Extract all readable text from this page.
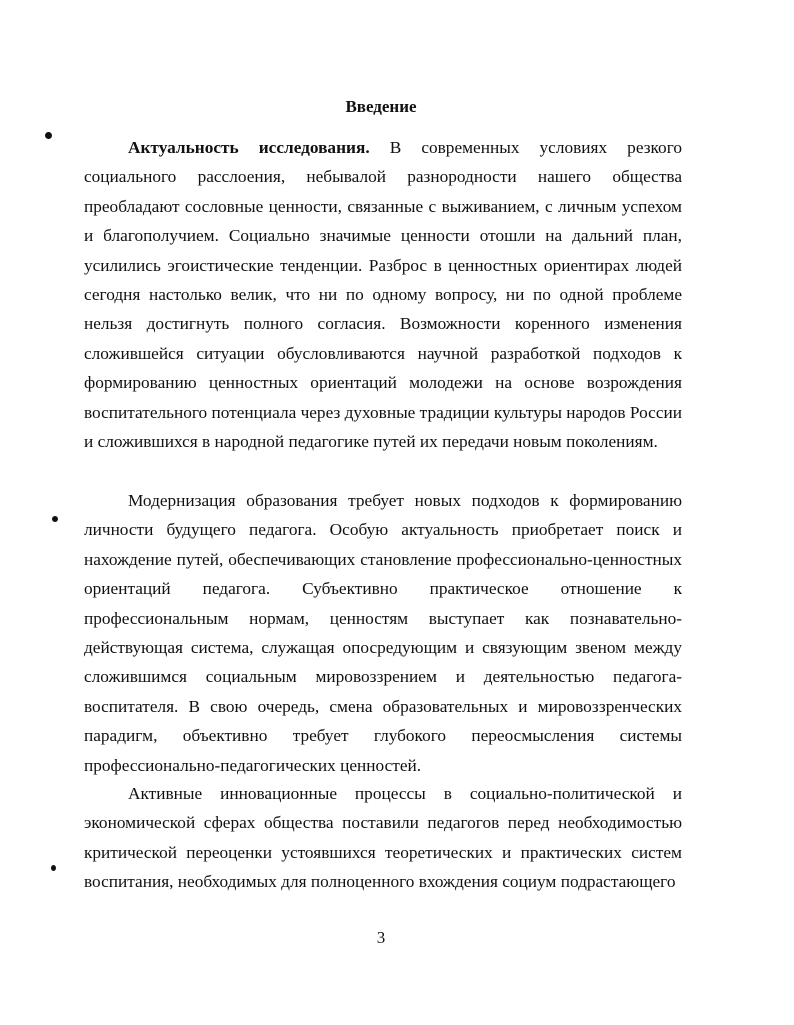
Введение

Актуальность исследования. В современных условиях резкого социального расслоения, небывалой разнородности нашего общества преобладают сословные ценности, связанные с выживанием, с личным успехом и благополучием. Социально значимые ценности отошли на дальний план, усилились эгоистические тенденции. Разброс в ценностных ориентирах людей сегодня настолько велик, что ни по одному вопросу, ни по одной проблеме нельзя достигнуть полного согласия. Возможности коренного изменения сложившейся ситуации обусловливаются научной разработкой подходов к формированию ценностных ориентаций молодежи на основе возрождения воспитательного потенциала через духовные традиции культуры народов России и сложившихся в народной педагогике путей их передачи новым поколениям.

Модернизация образования требует новых подходов к формированию личности будущего педагога. Особую актуальность приобретает поиск и нахождение путей, обеспечивающих становление профессионально-ценностных ориентаций педагога. Субъективно практическое отношение к профессиональным нормам, ценностям выступает как познавательно-действующая система, служащая опосредующим и связующим звеном между сложившимся социальным мировоззрением и деятельностью педагога-воспитателя. В свою очередь, смена образовательных и мировоззренческих парадигм, объективно требует глубокого переосмысления системы профессионально-педагогических ценностей.

Активные инновационные процессы в социально-политической и экономической сферах общества поставили педагогов перед необходимостью критической переоценки устоявшихся теоретических и практических систем воспитания, необходимых для полноценного вхождения социум подрастающего

3
